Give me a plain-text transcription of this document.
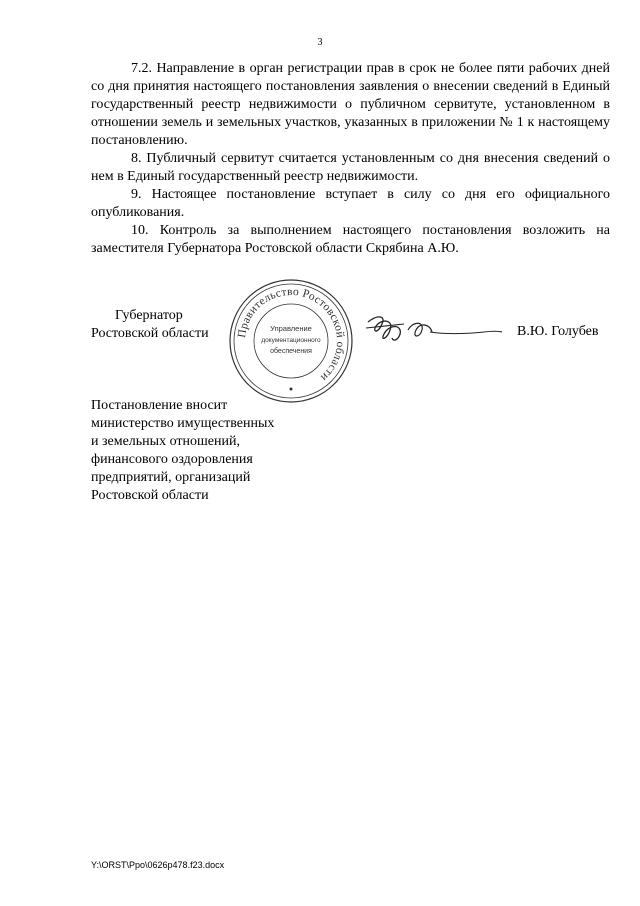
3

7.2. Направление в орган регистрации прав в срок не более пяти рабочих дней со дня принятия настоящего постановления заявления о внесении сведений в Единый государственный реестр недвижимости о публичном сервитуте, установленном в отношении земель и земельных участков, указанных в приложении № 1 к настоящему постановлению.

8. Публичный сервитут считается установленным со дня внесения сведений о нем в Единый государственный реестр недвижимости.

9. Настоящее постановление вступает в силу со дня его официального опубликования.

10. Контроль за выполнением настоящего постановления возложить на заместителя Губернатора Ростовской области Скрябина А.Ю.

Губернатор
Ростовской области	Правительство Ростовской области
Управление
документационного
обеспечения
В.Ю. Голубев
Постановление вносит
министерство имущественных
и земельных отношений,
финансового оздоровления
предприятий, организаций
Ростовской области
Y:\ORST\Ppo\0626p478.f23.docx
